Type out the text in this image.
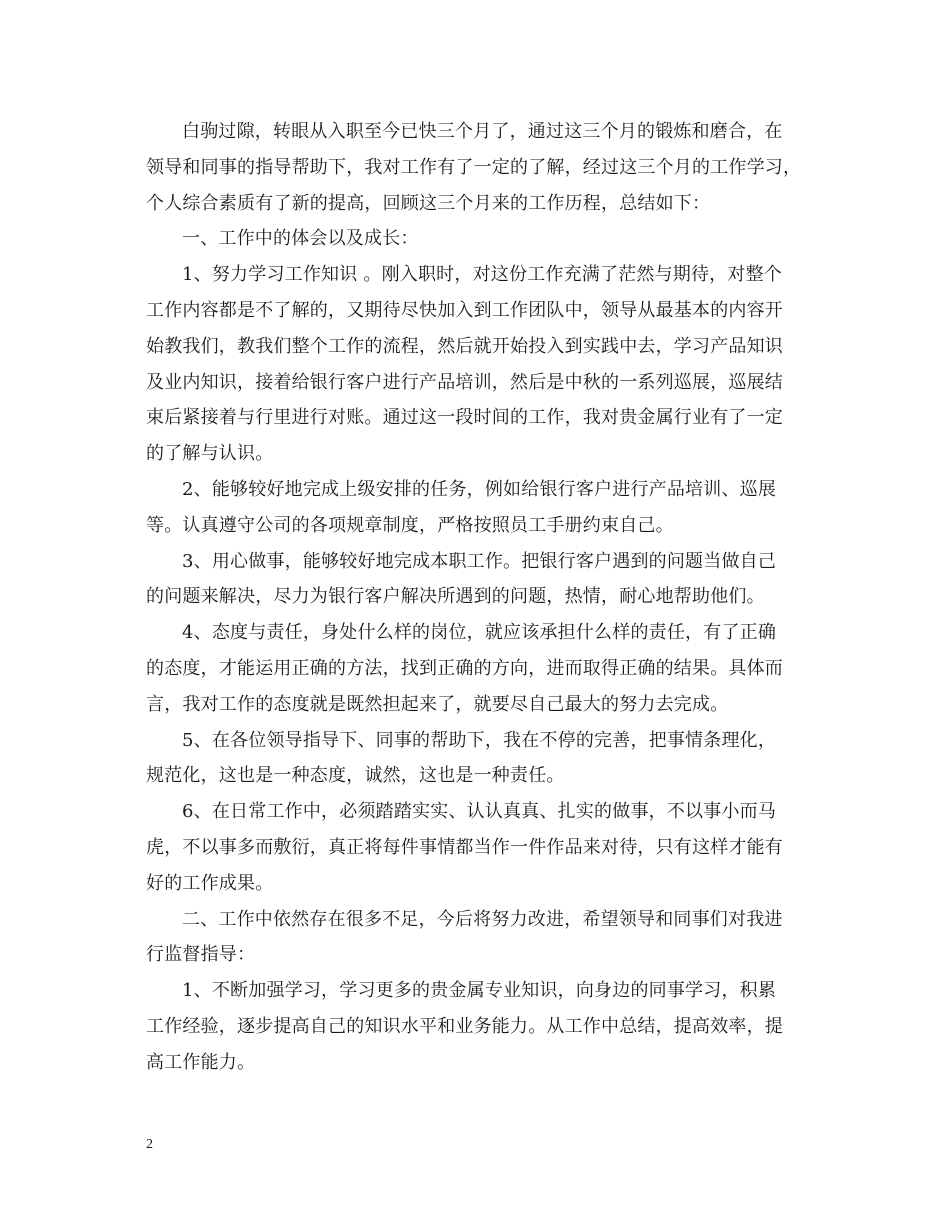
白驹过隙，转眼从入职至今已快三个月了，通过这三个月的锻炼和磨合，在
领导和同事的指导帮助下，我对工作有了一定的了解，经过这三个月的工作学习，
个人综合素质有了新的提高，回顾这三个月来的工作历程，总结如下：
一、工作中的体会以及成长：
1、努力学习工作知识 。刚入职时，对这份工作充满了茫然与期待，对整个
工作内容都是不了解的，又期待尽快加入到工作团队中，领导从最基本的内容开
始教我们，教我们整个工作的流程，然后就开始投入到实践中去，学习产品知识
及业内知识，接着给银行客户进行产品培训，然后是中秋的一系列巡展，巡展结
束后紧接着与行里进行对账。通过这一段时间的工作，我对贵金属行业有了一定
的了解与认识。
2、能够较好地完成上级安排的任务，例如给银行客户进行产品培训、巡展
等。认真遵守公司的各项规章制度，严格按照员工手册约束自己。
3、用心做事，能够较好地完成本职工作。把银行客户遇到的问题当做自己
的问题来解决，尽力为银行客户解决所遇到的问题，热情，耐心地帮助他们。
4、态度与责任，身处什么样的岗位，就应该承担什么样的责任，有了正确
的态度，才能运用正确的方法，找到正确的方向，进而取得正确的结果。具体而
言，我对工作的态度就是既然担起来了，就要尽自己最大的努力去完成。
5、在各位领导指导下、同事的帮助下，我在不停的完善，把事情条理化，
规范化，这也是一种态度，诚然，这也是一种责任。
6、在日常工作中，必须踏踏实实、认认真真、扎实的做事，不以事小而马
虎，不以事多而敷衍，真正将每件事情都当作一件作品来对待，只有这样才能有
好的工作成果。
二、工作中依然存在很多不足，今后将努力改进，希望领导和同事们对我进
行监督指导：
1、不断加强学习，学习更多的贵金属专业知识，向身边的同事学习，积累
工作经验，逐步提高自己的知识水平和业务能力。从工作中总结，提高效率，提
高工作能力。
2
